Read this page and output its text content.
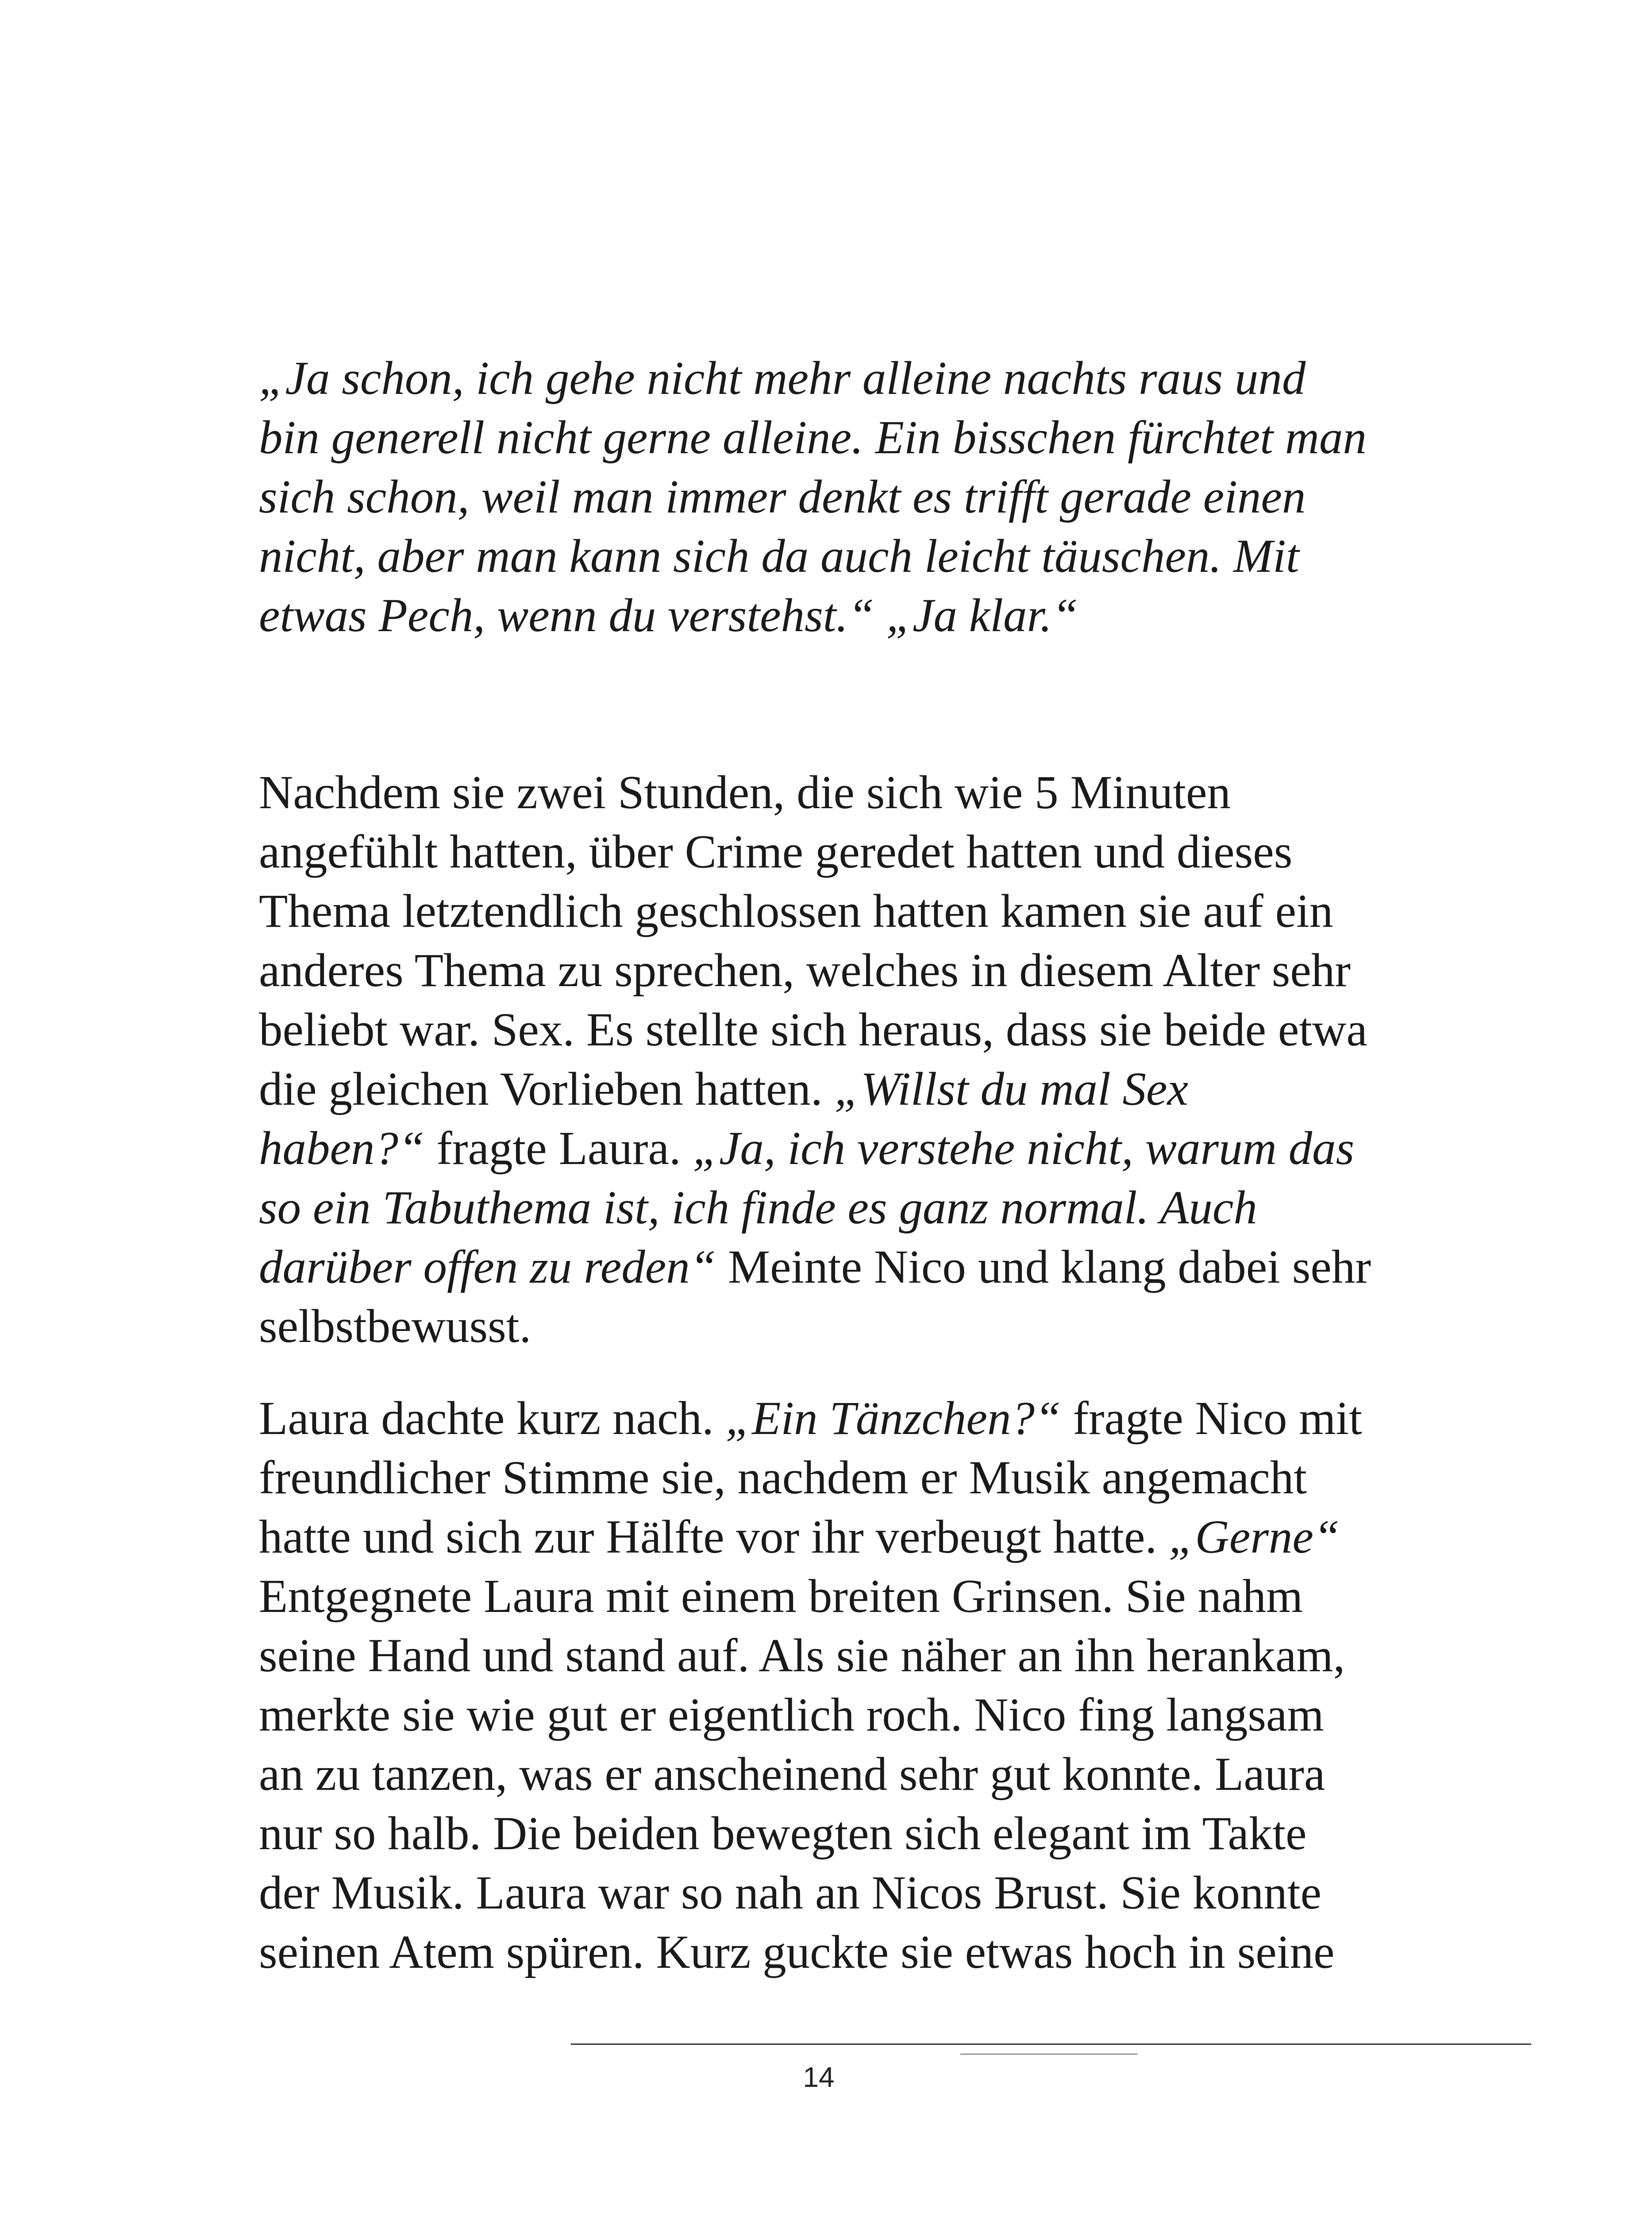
„Ja schon, ich gehe nicht mehr alleine nachts raus und
bin generell nicht gerne alleine. Ein bisschen fürchtet man
sich schon, weil man immer denkt es trifft gerade einen
nicht, aber man kann sich da auch leicht täuschen. Mit
etwas Pech, wenn du verstehst.“ „Ja klar.“
Nachdem sie zwei Stunden, die sich wie 5 Minuten
angefühlt hatten, über Crime geredet hatten und dieses
Thema letztendlich geschlossen hatten kamen sie auf ein
anderes Thema zu sprechen, welches in diesem Alter sehr
beliebt war. Sex. Es stellte sich heraus, dass sie beide etwa
die gleichen Vorlieben hatten. „Willst du mal Sex
haben?“ fragte Laura. „Ja, ich verstehe nicht, warum das
so ein Tabuthema ist, ich finde es ganz normal. Auch
darüber offen zu reden“ Meinte Nico und klang dabei sehr
selbstbewusst.
Laura dachte kurz nach. „Ein Tänzchen?“ fragte Nico mit
freundlicher Stimme sie, nachdem er Musik angemacht
hatte und sich zur Hälfte vor ihr verbeugt hatte. „Gerne“
Entgegnete Laura mit einem breiten Grinsen. Sie nahm
seine Hand und stand auf. Als sie näher an ihn herankam,
merkte sie wie gut er eigentlich roch. Nico fing langsam
an zu tanzen, was er anscheinend sehr gut konnte. Laura
nur so halb. Die beiden bewegten sich elegant im Takte
der Musik. Laura war so nah an Nicos Brust. Sie konnte
seinen Atem spüren. Kurz guckte sie etwas hoch in seine
14
